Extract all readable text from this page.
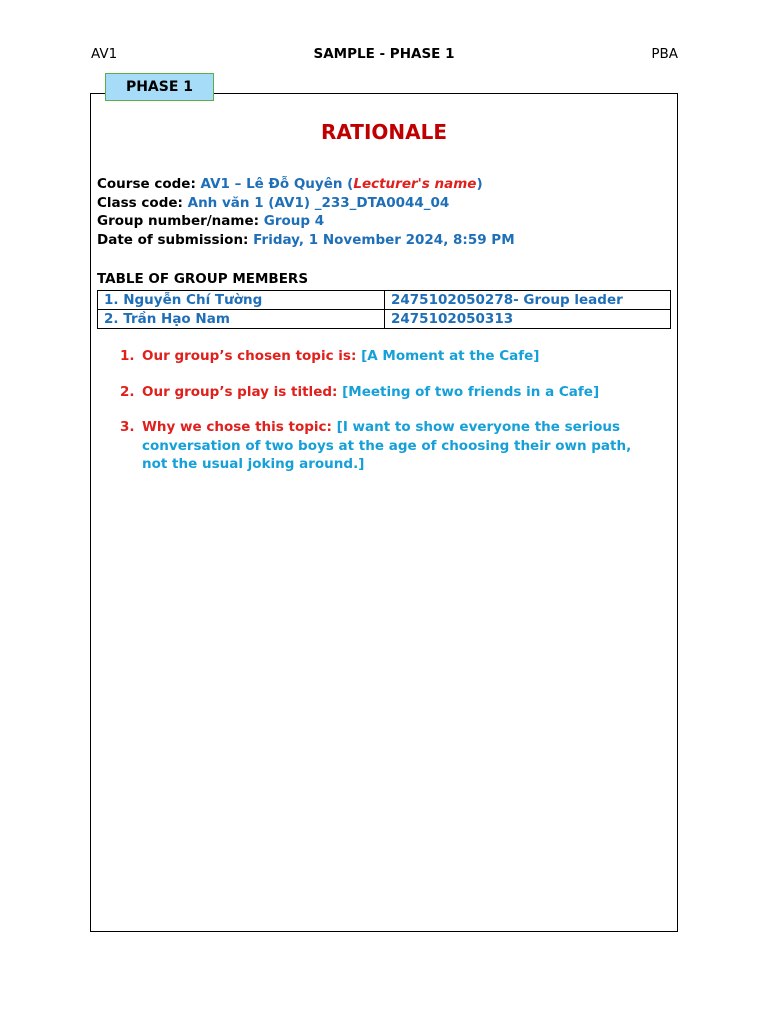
AV1	SAMPLE - PHASE 1	PBA
PHASE 1
RATIONALE
Course code: AV1 – Lê Đỗ Quyên (Lecturer's name)
Class code: Anh văn 1 (AV1) _233_DTA0044_04
Group number/name: Group 4
Date of submission: Friday, 1 November 2024, 8:59 PM
TABLE OF GROUP MEMBERS
1. Nguyễn Chí Tường	2475102050278- Group leader
2. Trần Hạo Nam	2475102050313
1. Our group’s chosen topic is: [A Moment at the Cafe]
2. Our group’s play is titled: [Meeting of two friends in a Cafe]
3. Why we chose this topic: [I want to show everyone the serious conversation of two boys at the age of choosing their own path, not the usual joking around.]
